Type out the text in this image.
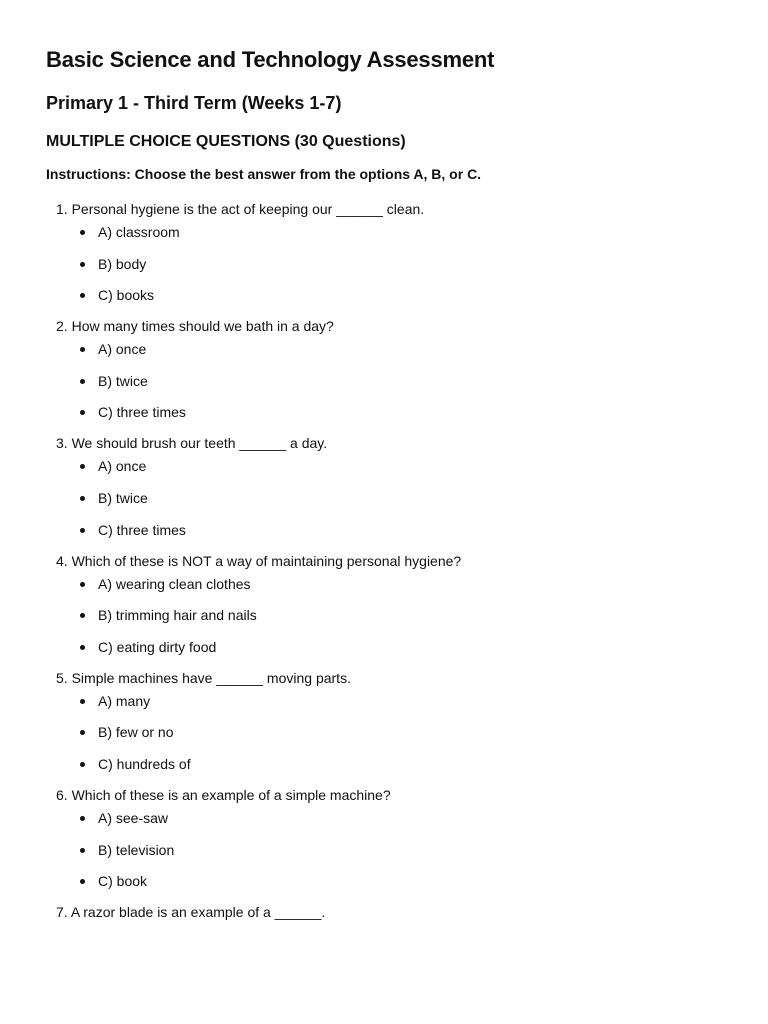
Basic Science and Technology Assessment
Primary 1 - Third Term (Weeks 1-7)
MULTIPLE CHOICE QUESTIONS (30 Questions)

Instructions: Choose the best answer from the options A, B, or C.

1. Personal hygiene is the act of keeping our ______ clean.
A) classroom
B) body
C) books
2. How many times should we bath in a day?
A) once
B) twice
C) three times
3. We should brush our teeth ______ a day.
A) once
B) twice
C) three times
4. Which of these is NOT a way of maintaining personal hygiene?
A) wearing clean clothes
B) trimming hair and nails
C) eating dirty food
5. Simple machines have ______ moving parts.
A) many
B) few or no
C) hundreds of
6. Which of these is an example of a simple machine?
A) see-saw
B) television
C) book
7. A razor blade is an example of a ______.
